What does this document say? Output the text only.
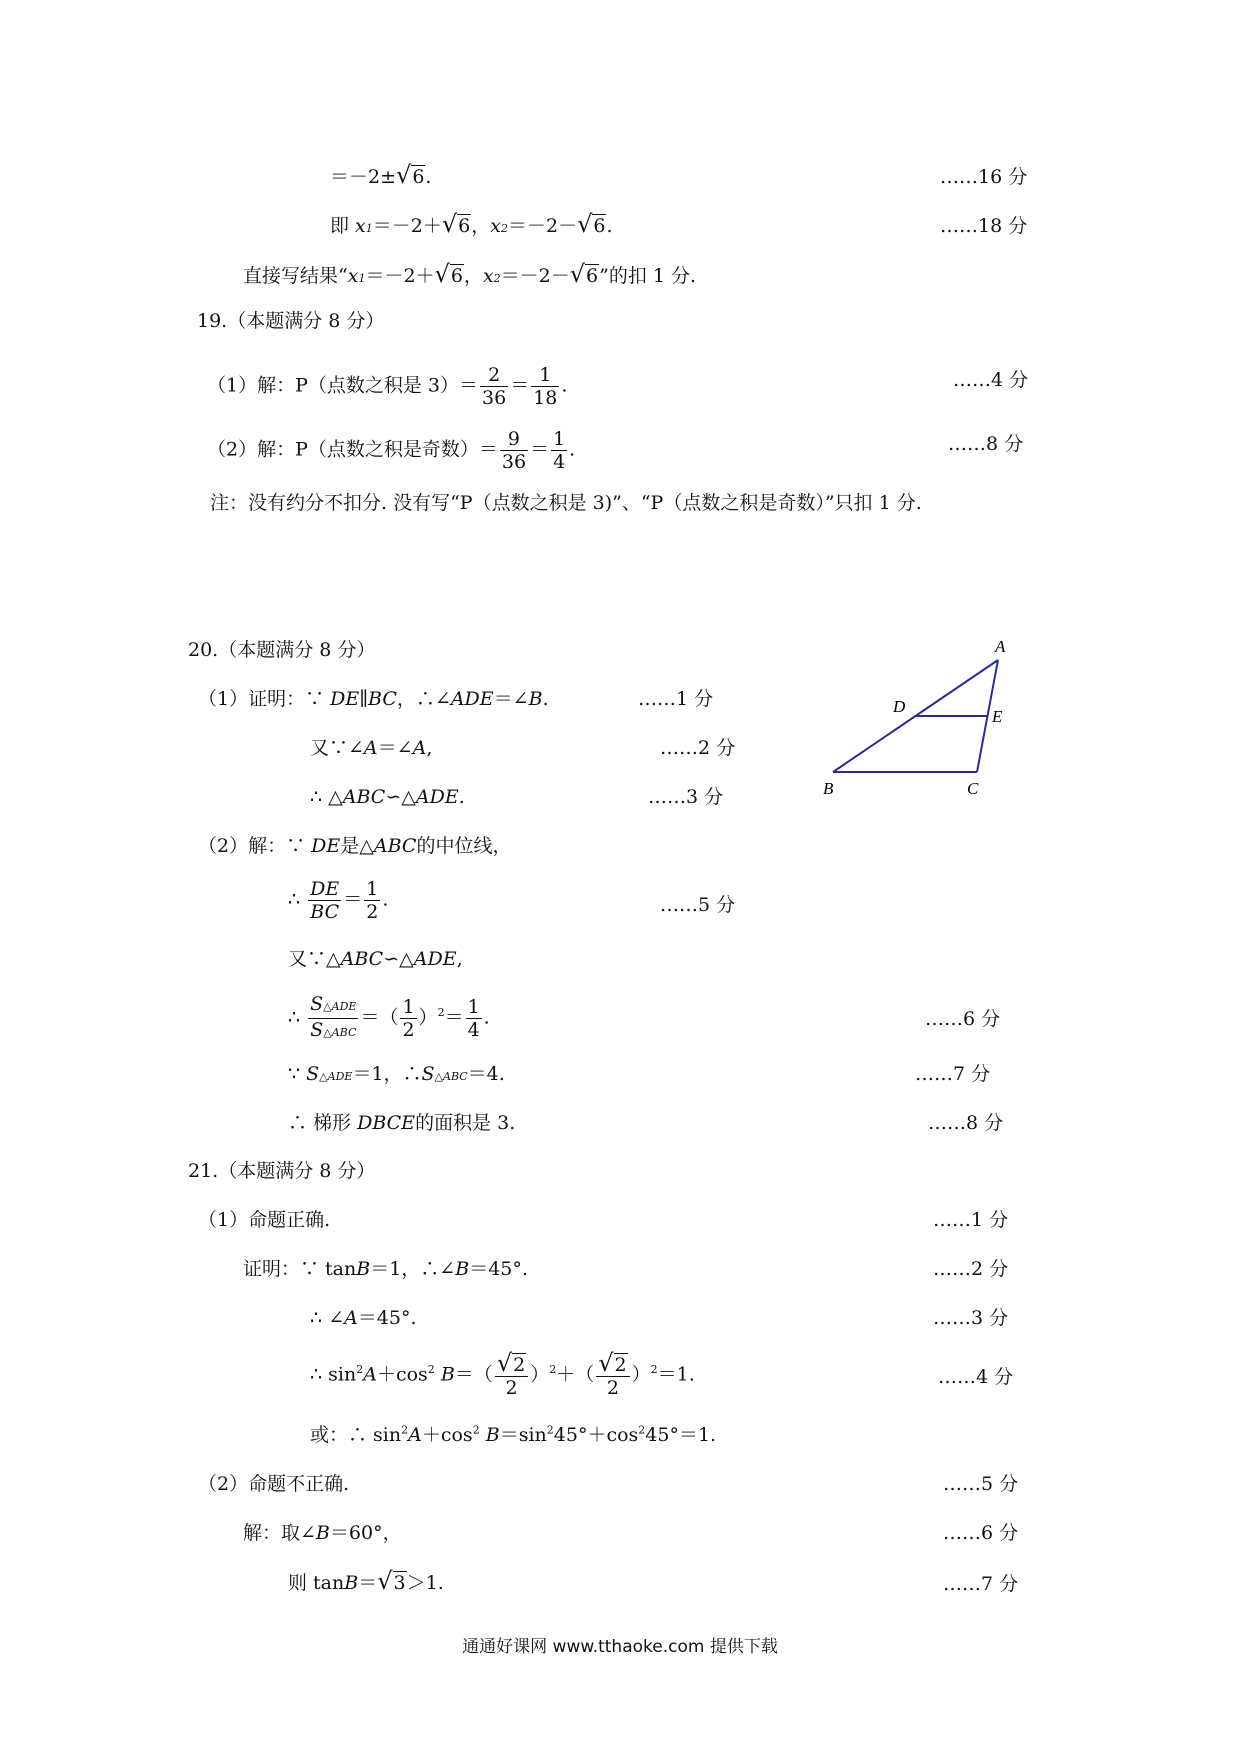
＝－2±√6.	……16 分
即 x1＝－2＋√6，x2＝－2－√6.	……18 分
直接写结果“x1＝－2＋√6，x2＝－2－√6”的扣 1 分.
19.（本题满分 8 分）
（1）解：P（点数之积是 $3)= \frac{2}{36} = \frac{1}{18}$ .	……4 分
（2）解：P（点数之积是奇数）＝ $\frac{9}{36} = \frac{1}{4}$ .	……8 分
注：没有约分不扣分. 没有写“P（点数之积是 3)”、“P（点数之积是奇数）”只扣 1 分.
20.（本题满分 8 分）
（1）证明：∵ DE∥BC，∴∠ADE＝∠B.	……1 分
又∵∠A＝∠A,	……2 分
∴ △ABC∽△ADE.	……3 分
A
D
E
B	C
（2）解：∵ DE是△ABC的中位线，
∴ $\frac{DE}{BC} = \frac{1}{2}$ .	……5 分
又∵△ABC∽△ADE,
∴ $\frac{\text{S△ADE}}{\text{S△ABC}}$ ＝（ $\frac{1}{2} )^2= \frac{1}{4}$ .	……6 分
∵ S△ADE＝1，∴S△ABC＝4.	……7 分
∴ 梯形 DBCE的面积是 3.	……8 分
21.（本题满分 8 分）
（1）命题正确.	……1 分
证明：∵ tanB＝1，∴∠B＝45°.	……2 分
∴ ∠A＝45°.	……3 分
∴ $\sin^2A+\cos^2$ $B=( \frac{√2}{2} )^2+( \frac{√2}{2} )^2=1$.	……4 分
或：∴ $\sin^2A+\cos^2$ $B=\sin^245^\circ+\cos^245^\circ=1$.
（2）命题不正确.	……5 分
解：取∠B＝60°，	……6 分
则 tanB＝√3＞1.	……7 分
通通好课网 www.tthaoke.com 提供下载
